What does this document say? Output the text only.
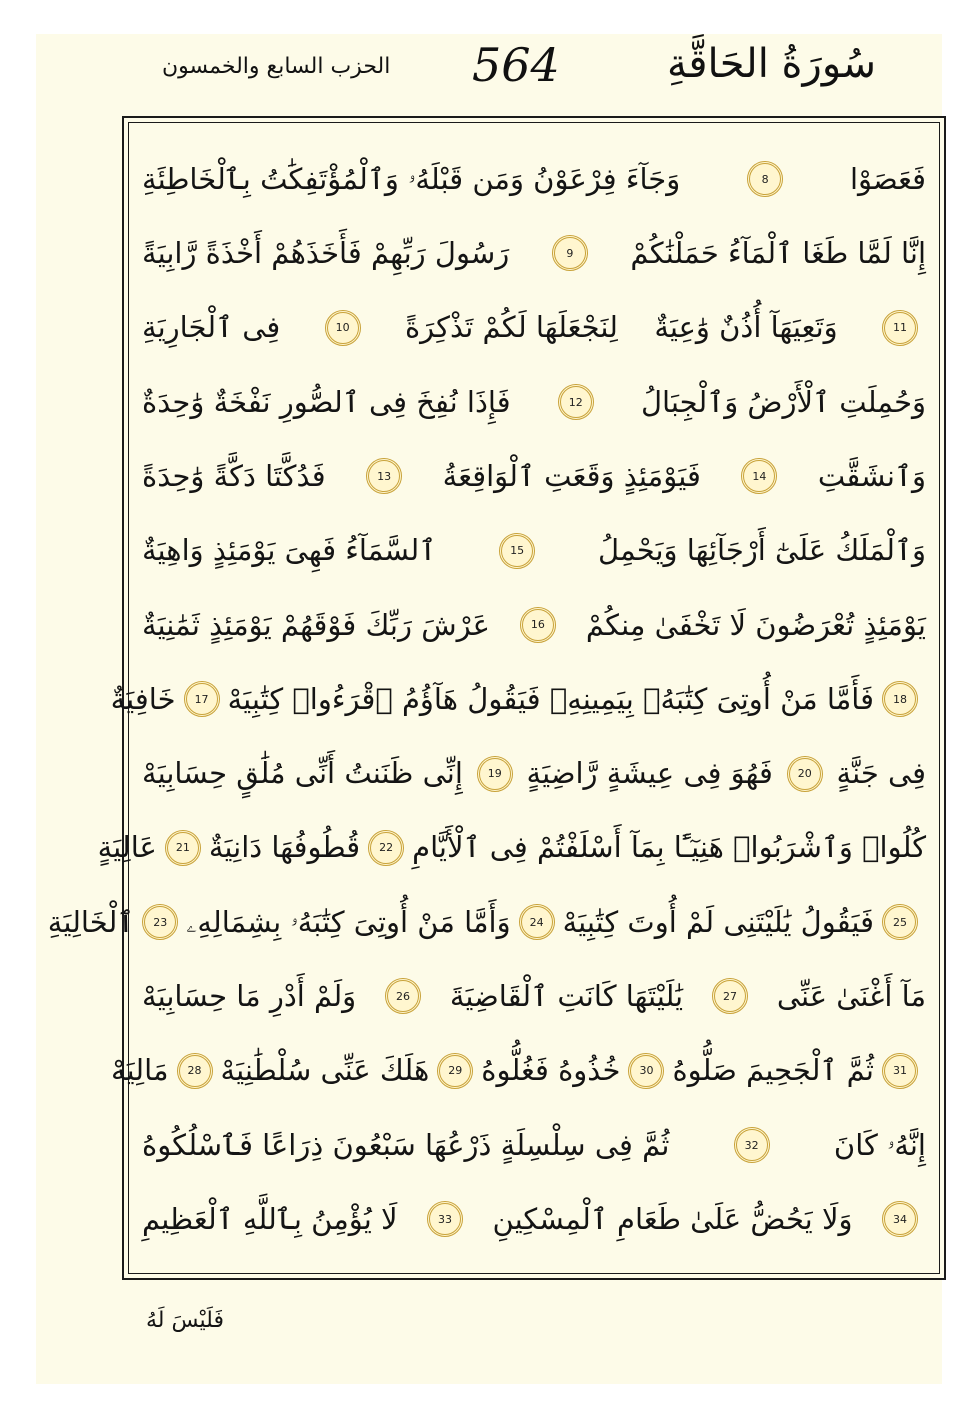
سُورَةُ الحَاقَّةِ
564
الحزب السابع والخمسون
فَعَصَوْا
8
وَجَآءَ فِرْعَوْنُ وَمَن قَبْلَهُۥ وَٱلْمُؤْتَفِكَٰتُ بِٱلْخَاطِئَةِ
إِنَّا لَمَّا طَغَا ٱلْمَآءُ حَمَلْنَٰكُمْ
9
رَسُولَ رَبِّهِمْ فَأَخَذَهُمْ أَخْذَةً رَّابِيَةً
11
وَتَعِيَهَآ أُذُنٌ وَٰعِيَةٌ
لِنَجْعَلَهَا لَكُمْ تَذْكِرَةً
10
فِى ٱلْجَارِيَةِ
وَحُمِلَتِ ٱلْأَرْضُ وَٱلْجِبَالُ
12
فَإِذَا نُفِخَ فِى ٱلصُّورِ نَفْخَةٌ وَٰحِدَةٌ
وَٱنشَقَّتِ
14
فَيَوْمَئِذٍ وَقَعَتِ ٱلْوَاقِعَةُ
13
فَدُكَّتَا دَكَّةً وَٰحِدَةً
وَٱلْمَلَكُ عَلَىٰٓ أَرْجَآئِهَا وَيَحْمِلُ
15
ٱلسَّمَآءُ فَهِىَ يَوْمَئِذٍ وَاهِيَةٌ
يَوْمَئِذٍ تُعْرَضُونَ لَا تَخْفَىٰ مِنكُمْ
16
عَرْشَ رَبِّكَ فَوْقَهُمْ يَوْمَئِذٍ ثَمَٰنِيَةٌ
18
فَأَمَّا مَنْ أُوتِىَ كِتَٰبَهُۥ بِيَمِينِهِۦ فَيَقُولُ هَآؤُمُ ٱقْرَءُوا۟ كِتَٰبِيَهْ
17
خَافِيَةٌ
فِى جَنَّةٍ
20
فَهُوَ فِى عِيشَةٍ رَّاضِيَةٍ
19
إِنِّى ظَنَنتُ أَنِّى مُلَٰقٍ حِسَابِيَهْ
كُلُوا۟ وَٱشْرَبُوا۟ هَنِيٓـًٔا بِمَآ أَسْلَفْتُمْ فِى ٱلْأَيَّامِ
22
قُطُوفُهَا دَانِيَةٌ
21
عَالِيَةٍ
25
فَيَقُولُ يَٰلَيْتَنِى لَمْ أُوتَ كِتَٰبِيَهْ
24
وَأَمَّا مَنْ أُوتِىَ كِتَٰبَهُۥ بِشِمَالِهِۦ
23
ٱلْخَالِيَةِ
مَآ أَغْنَىٰ عَنِّى
27
يَٰلَيْتَهَا كَانَتِ ٱلْقَاضِيَةَ
26
وَلَمْ أَدْرِ مَا حِسَابِيَهْ
31
ثُمَّ ٱلْجَحِيمَ صَلُّوهُ
30
خُذُوهُ فَغُلُّوهُ
29
هَلَكَ عَنِّى سُلْطَٰنِيَهْ
28
مَالِيَهْ
إِنَّهُۥ كَانَ
32
ثُمَّ فِى سِلْسِلَةٍ ذَرْعُهَا سَبْعُونَ ذِرَاعًا فَٱسْلُكُوهُ
34
وَلَا يَحُضُّ عَلَىٰ طَعَامِ ٱلْمِسْكِينِ
33
لَا يُؤْمِنُ بِٱللَّهِ ٱلْعَظِيمِ
فَلَيْسَ لَهُ
